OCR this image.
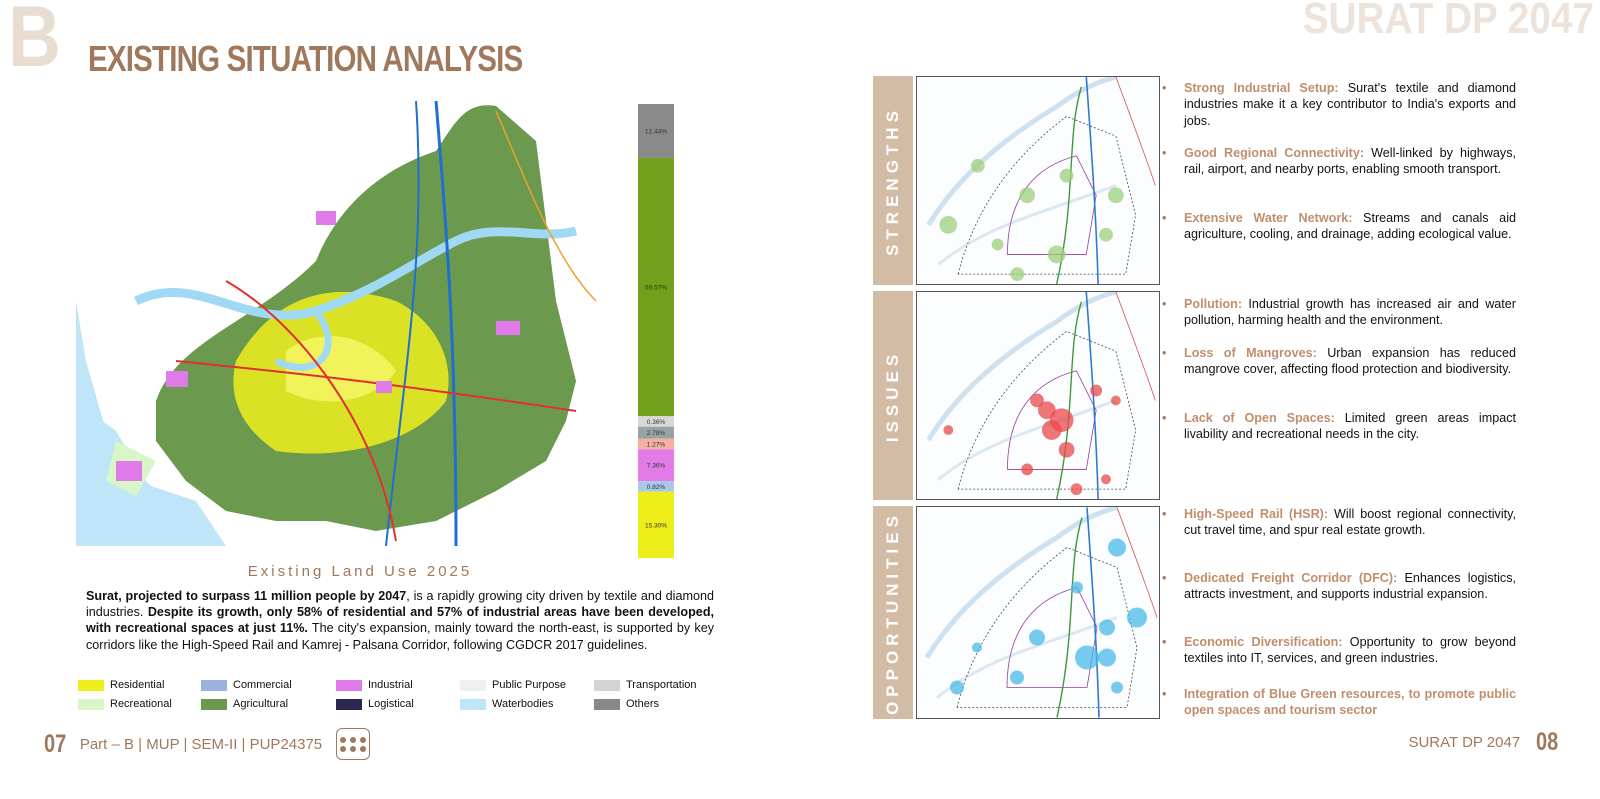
B EXISTING SITUATION ANALYSIS
SURAT DP 2047
12.44%
59.57%
0.36%
2.78%
1.27%
7.36%
0.82%
15.30%
Existing Land Use 2025
Surat, projected to surpass 11 million people by 2047, is a rapidly growing city driven by textile and diamond industries. Despite its growth, only 58% of residential and 57% of industrial areas have been developed, with recreational spaces at just 11%. The city's expansion, mainly toward the north-east, is supported by key corridors like the High-Speed Rail and Kamrej - Palsana Corridor, following CGDCR 2017 guidelines.
Residential	Commercial	Industrial	Public Purpose	Transportation
Recreational	Agricultural	Logistical	Waterbodies	Others
07 Part – B | MUP | SEM-II | PUP24375	SURAT DP 2047 08
STRENGTHS
• Strong Industrial Setup: Surat's textile and diamond industries make it a key contributor to India's exports and jobs.
• Good Regional Connectivity: Well-linked by highways, rail, airport, and nearby ports, enabling smooth transport.
• Extensive Water Network: Streams and canals aid agriculture, cooling, and drainage, adding ecological value.
ISSUES
• Pollution: Industrial growth has increased air and water pollution, harming health and the environment.
• Loss of Mangroves: Urban expansion has reduced mangrove cover, affecting flood protection and biodiversity.
• Lack of Open Spaces: Limited green areas impact livability and recreational needs in the city.
OPPORTUNITIES
•	High-Speed Rail (HSR): Will boost regional connectivity, cut travel time, and spur real estate growth.
• Dedicated Freight Corridor (DFC): Enhances logistics, attracts investment, and supports industrial expansion.
• Economic Diversification: Opportunity to grow beyond textiles into IT, services, and green industries.
• Integration of Blue Green resources, to promote public open spaces and tourism sector
